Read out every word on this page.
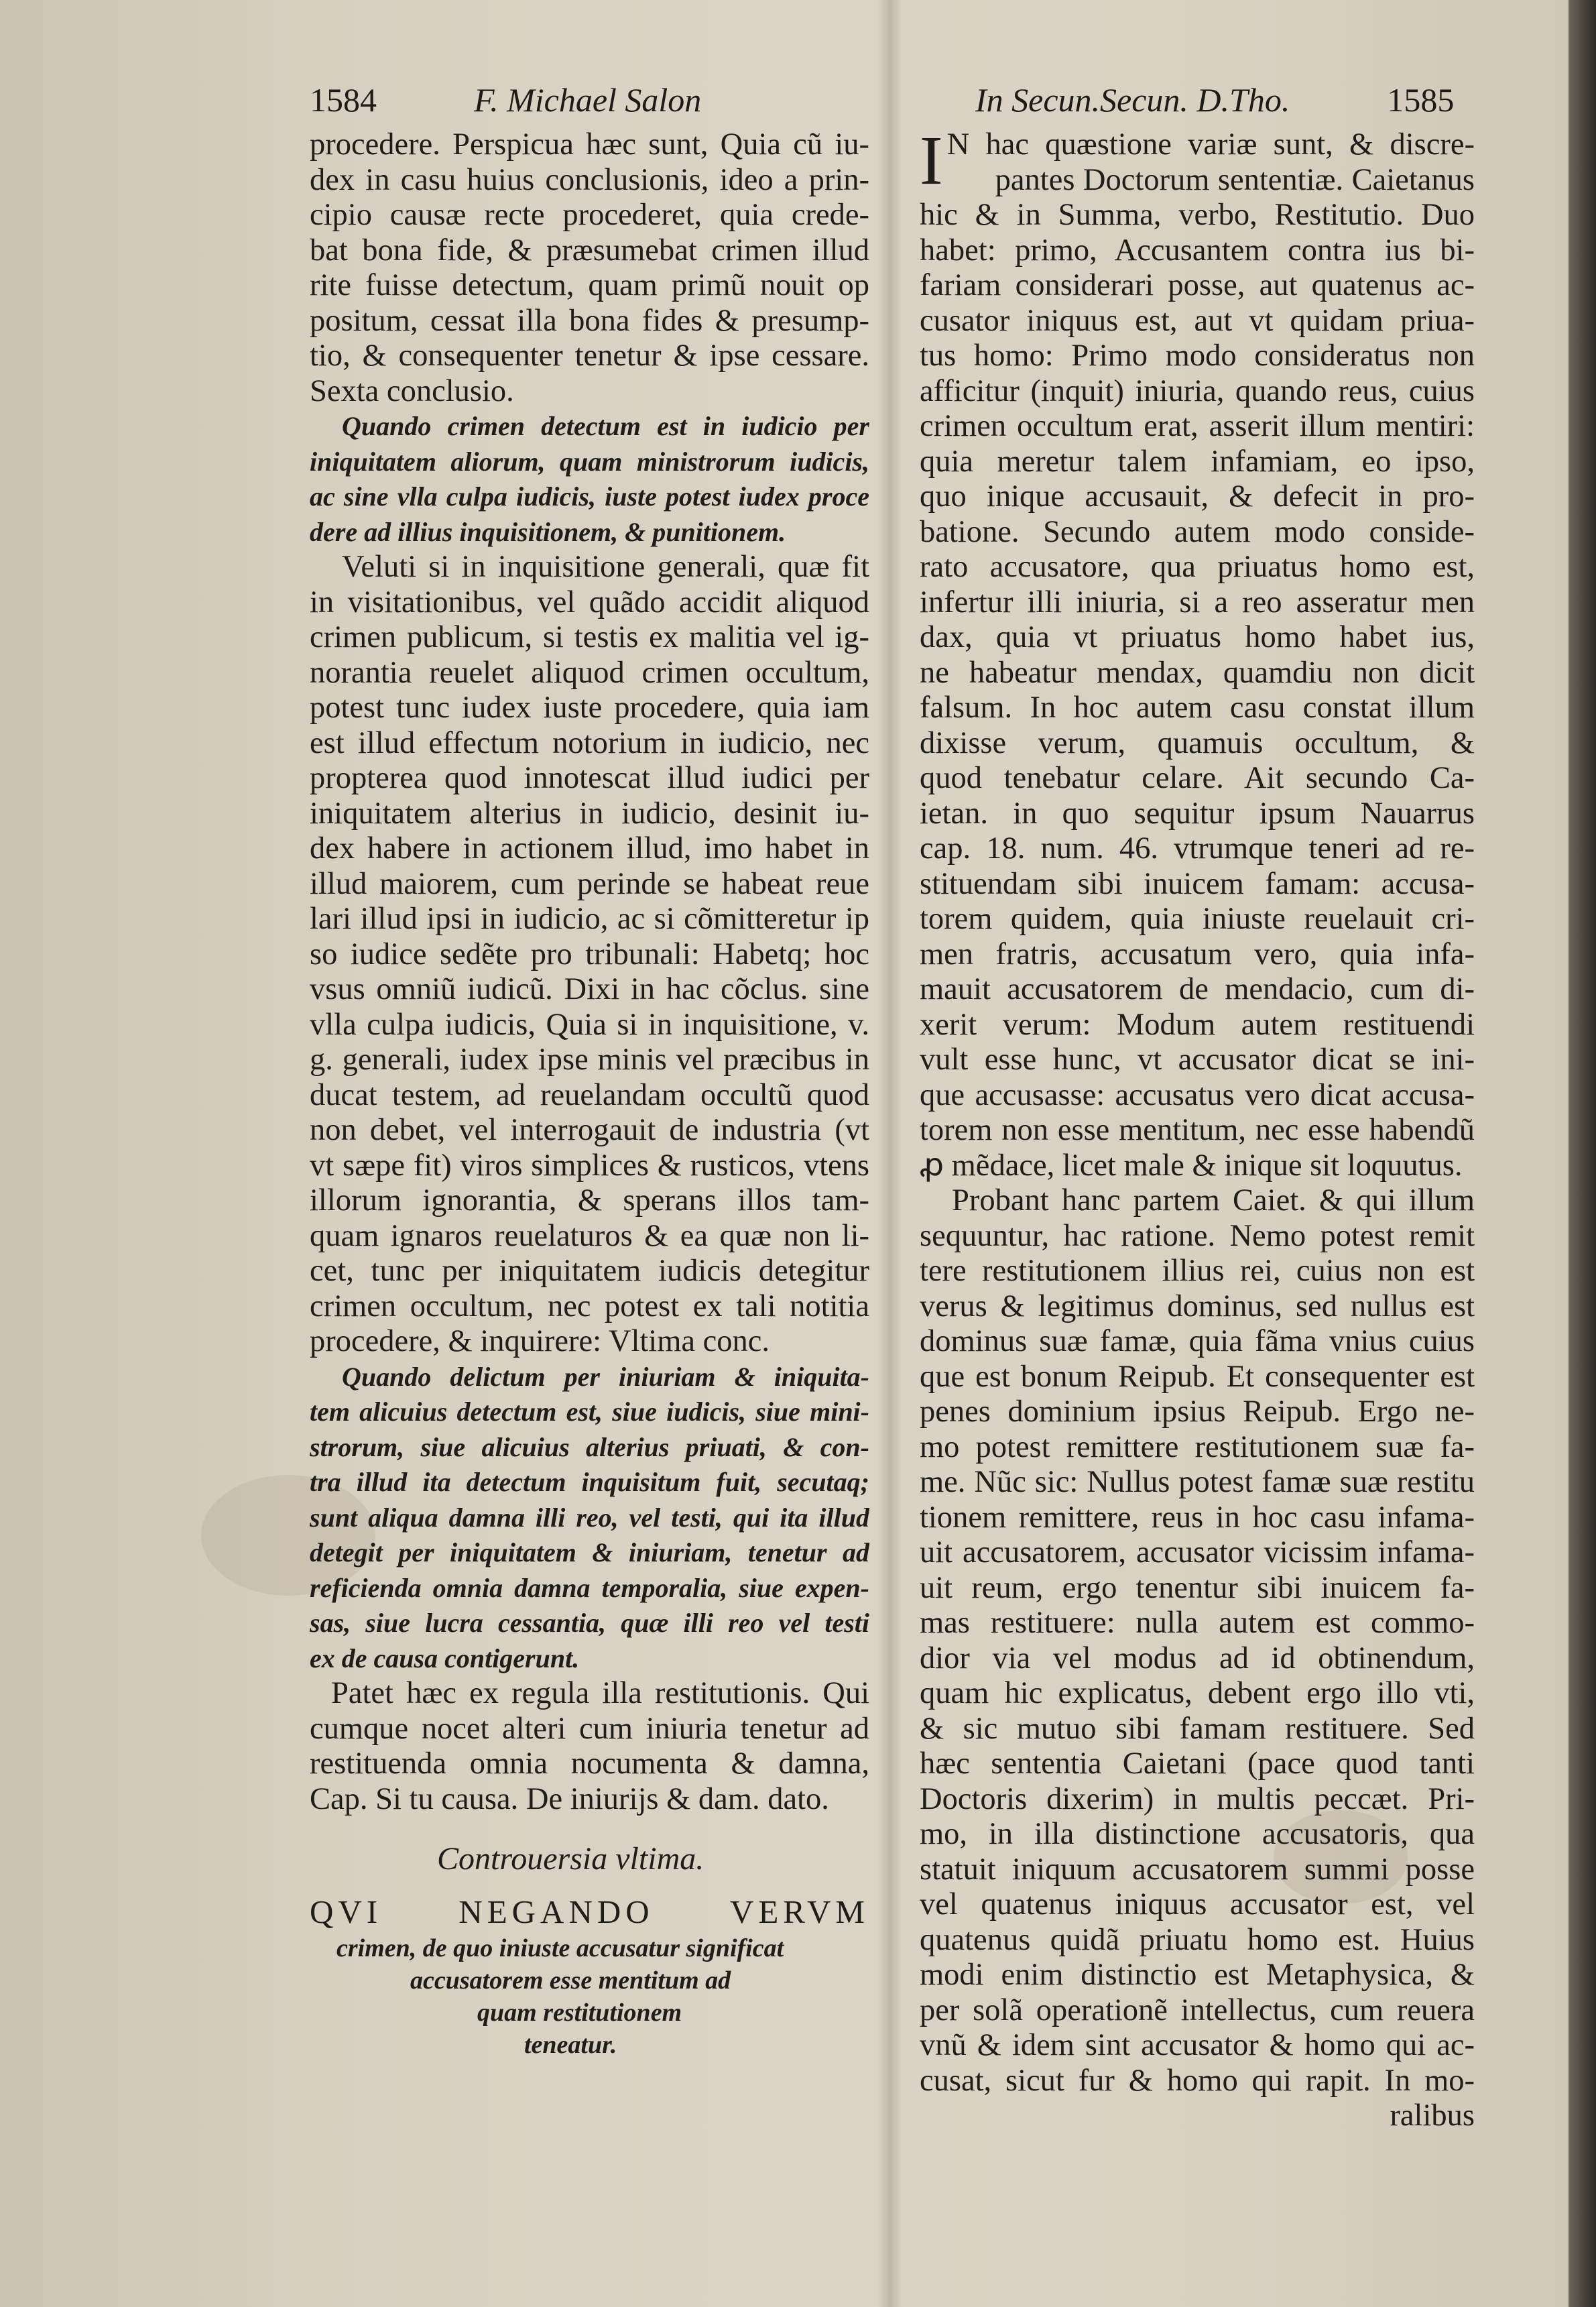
1584	F. Michael Salon	In Secun.Secun. D.Tho.	1585
procedere. Perspicua hæc sunt, Quia cũ iu-
dex in casu huius conclusionis, ideo a prin-
cipio causæ recte procederet, quia crede-
bat bona fide, & præsumebat crimen illud
rite fuisse detectum, quam primũ nouit op
positum, cessat illa bona fides & presump-
tio, & consequenter tenetur & ipse cessare.
Sexta conclusio.
Quando crimen detectum est in iudicio per
iniquitatem aliorum, quam ministrorum iudicis,
ac sine vlla culpa iudicis, iuste potest iudex proce
dere ad illius inquisitionem, & punitionem.
Veluti si in inquisitione generali, quæ fit
in visitationibus, vel quãdo accidit aliquod
crimen publicum, si testis ex malitia vel ig-
norantia reuelet aliquod crimen occultum,
potest tunc iudex iuste procedere, quia iam
est illud effectum notorium in iudicio, nec
propterea quod innotescat illud iudici per
iniquitatem alterius in iudicio, desinit iu-
dex habere in actionem illud, imo habet in
illud maiorem, cum perinde se habeat reue
lari illud ipsi in iudicio, ac si cõmitteretur ip
so iudice sedẽte pro tribunali: Habetq; hoc
vsus omniũ iudicũ. Dixi in hac cõclus. sine
vlla culpa iudicis, Quia si in inquisitione, v.
g. generali, iudex ipse minis vel præcibus in
ducat testem, ad reuelandam occultũ quod
non debet, vel interrogauit de industria (vt
vt sæpe fit) viros simplices & rusticos, vtens
illorum ignorantia, & sperans illos tam-
quam ignaros reuelaturos & ea quæ non li-
cet, tunc per iniquitatem iudicis detegitur
crimen occultum, nec potest ex tali notitia
procedere, & inquirere: Vltima conc.
Quando delictum per iniuriam & iniquita-
tem alicuius detectum est, siue iudicis, siue mini-
strorum, siue alicuius alterius priuati, & con-
tra illud ita detectum inquisitum fuit, secutaq;
sunt aliqua damna illi reo, vel testi, qui ita illud
detegit per iniquitatem & iniuriam, tenetur ad
reficienda omnia damna temporalia, siue expen-
sas, siue lucra cessantia, quæ illi reo vel testi
ex de causa contigerunt.
Patet hæc ex regula illa restitutionis. Qui
cumque nocet alteri cum iniuria tenetur ad
restituenda omnia nocumenta & damna,
Cap. Si tu causa. De iniurijs & dam. dato.
Controuersia vltima.
QVI NEGANDO VERVM
crimen, de quo iniuste accusatur significat
accusatorem esse mentitum ad
quam restitutionem
teneatur.
I N hac quæstione variæ sunt, & discre-
pantes Doctorum sententiæ. Caietanus
hic & in Summa, verbo, Restitutio. Duo
habet: primo, Accusantem contra ius bi-
fariam considerari posse, aut quatenus ac-
cusator iniquus est, aut vt quidam priua-
tus homo: Primo modo consideratus non
afficitur (inquit) iniuria, quando reus, cuius
crimen occultum erat, asserit illum mentiri:
quia meretur talem infamiam, eo ipso,
quo inique accusauit, & defecit in pro-
batione. Secundo autem modo conside-
rato accusatore, qua priuatus homo est,
infertur illi iniuria, si a reo asseratur men
dax, quia vt priuatus homo habet ius,
ne habeatur mendax, quamdiu non dicit
falsum. In hoc autem casu constat illum
dixisse verum, quamuis occultum, &
quod tenebatur celare. Ait secundo Ca-
ietan. in quo sequitur ipsum Nauarrus
cap. 18. num. 46. vtrumque teneri ad re-
stituendam sibi inuicem famam: accusa-
torem quidem, quia iniuste reuelauit cri-
men fratris, accusatum vero, quia infa-
mauit accusatorem de mendacio, cum di-
xerit verum: Modum autem restituendi
vult esse hunc, vt accusator dicat se ini-
que accusasse: accusatus vero dicat accusa-
torem non esse mentitum, nec esse habendũ
ꝓ mẽdace, licet male & inique sit loquutus.
Probant hanc partem Caiet. & qui illum
sequuntur, hac ratione. Nemo potest remit
tere restitutionem illius rei, cuius non est
verus & legitimus dominus, sed nullus est
dominus suæ famæ, quia fãma vnius cuius
que est bonum Reipub. Et consequenter est
penes dominium ipsius Reipub. Ergo ne-
mo potest remittere restitutionem suæ fa-
me. Nũc sic: Nullus potest famæ suæ restitu
tionem remittere, reus in hoc casu infama-
uit accusatorem, accusator vicissim infama-
uit reum, ergo tenentur sibi inuicem fa-
mas restituere: nulla autem est commo-
dior via vel modus ad id obtinendum,
quam hic explicatus, debent ergo illo vti,
& sic mutuo sibi famam restituere. Sed
hæc sententia Caietani (pace quod tanti
Doctoris dixerim) in multis peccæt. Pri-
mo, in illa distinctione accusatoris, qua
statuit iniquum accusatorem summi posse
vel quatenus iniquus accusator est, vel
quatenus quidã priuatu homo est. Huius
modi enim distinctio est Metaphysica, &
per solã operationẽ intellectus, cum reuera
vnũ & idem sint accusator & homo qui ac-
cusat, sicut fur & homo qui rapit. In mo-
ralibus
